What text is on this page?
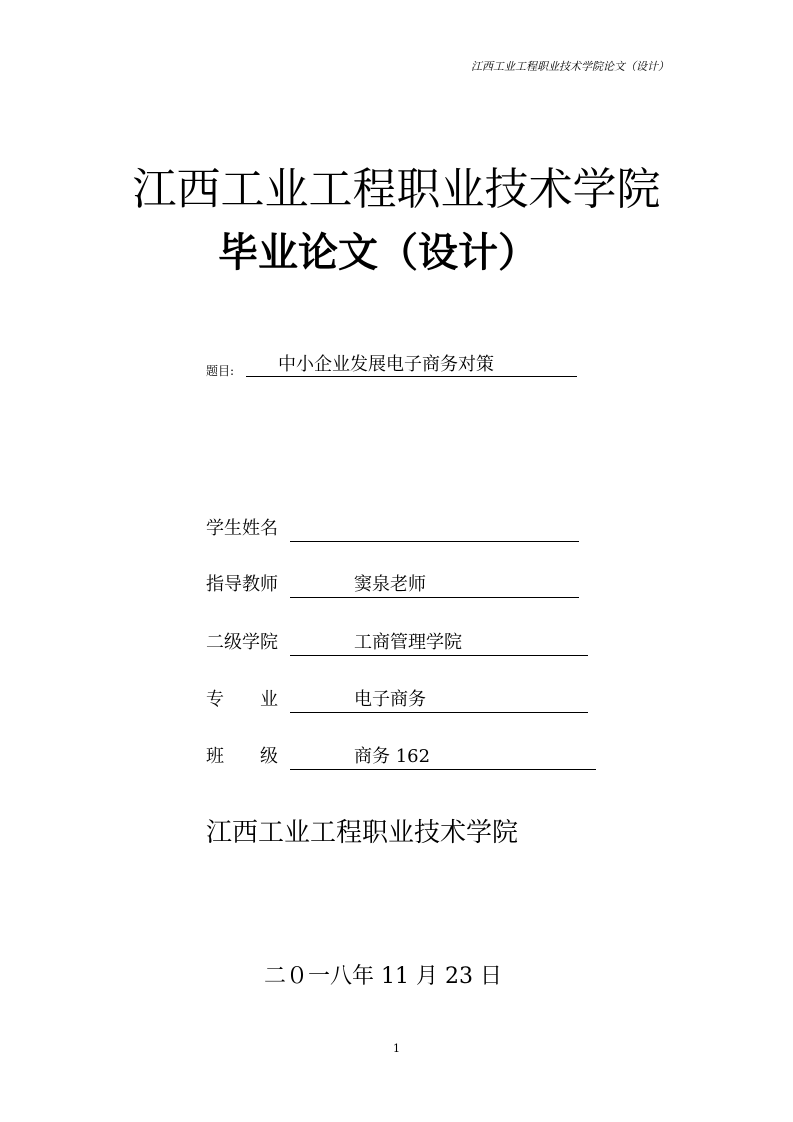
江西工业工程职业技术学院论文（设计）
江西工业工程职业技术学院
毕业论文（设计）
题目:	中小企业发展电子商务对策
学生姓名
指导教师	窦泉老师
二级学院	工商管理学院
专　　业	电子商务
班　　级	商务 162
江西工业工程职业技术学院
二０一八年 11 月 23 日
1
